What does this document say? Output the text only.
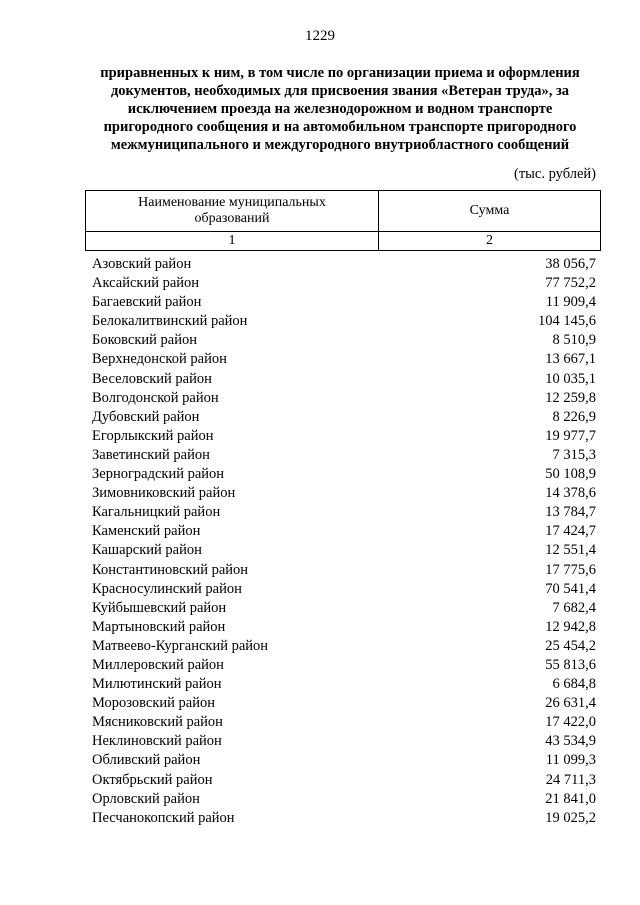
1229
приравненных к ним, в том числе по организации приема и оформления
документов, необходимых для присвоения звания «Ветеран труда», за
исключением проезда на железнодорожном и водном транспорте
пригородного сообщения и на автомобильном транспорте пригородного
межмуниципального и междугородного внутриобластного сообщений
(тыс. рублей)
Наименование муниципальных образований	Сумма
1	2
Азовский район	38 056,7
Аксайский район	77 752,2
Багаевский район	11 909,4
Белокалитвинский район	104 145,6
Боковский район	8 510,9
Верхнедонской район	13 667,1
Веселовский район	10 035,1
Волгодонской район	12 259,8
Дубовский район	8 226,9
Егорлыкский район	19 977,7
Заветинский район	7 315,3
Зерноградский район	50 108,9
Зимовниковский район	14 378,6
Кагальницкий район	13 784,7
Каменский район	17 424,7
Кашарский район	12 551,4
Константиновский район	17 775,6
Красносулинский район	70 541,4
Куйбышевский район	7 682,4
Мартыновский район	12 942,8
Матвеево-Курганский район	25 454,2
Миллеровский район	55 813,6
Милютинский район	6 684,8
Морозовский район	26 631,4
Мясниковский район	17 422,0
Неклиновский район	43 534,9
Обливский район	11 099,3
Октябрьский район	24 711,3
Орловский район	21 841,0
Песчанокопский район	19 025,2
